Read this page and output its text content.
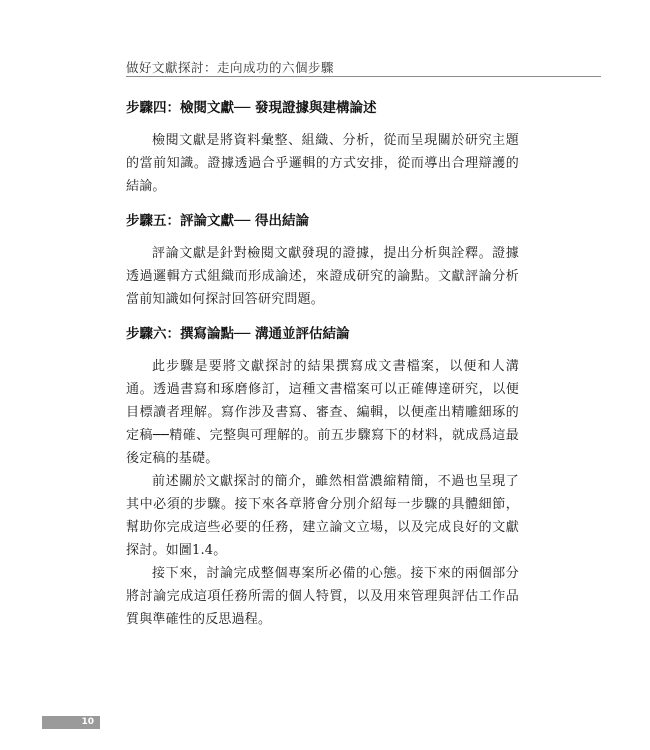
做好文獻探討：走向成功的六個步驟
步驟四：檢閱文獻── 發現證據與建構論述

檢閱文獻是將資料彙整、組織、分析，從而呈現關於研究主題的當前知識。證據透過合乎邏輯的方式安排，從而導出合理辯護的結論。

步驟五：評論文獻── 得出結論

評論文獻是針對檢閱文獻發現的證據，提出分析與詮釋。證據透過邏輯方式組織而形成論述，來證成研究的論點。文獻評論分析當前知識如何探討回答研究問題。

步驟六：撰寫論點── 溝通並評估結論

此步驟是要將文獻探討的結果撰寫成文書檔案，以便和人溝通。透過書寫和琢磨修訂，這種文書檔案可以正確傳達研究，以便目標讀者理解。寫作涉及書寫、審查、編輯，以便產出精雕細琢的定稿──精確、完整與可理解的。前五步驟寫下的材料，就成爲這最後定稿的基礎。

前述關於文獻探討的簡介，雖然相當濃縮精簡，不過也呈現了其中必須的步驟。接下來各章將會分別介紹每一步驟的具體細節，幫助你完成這些必要的任務，建立論文立場，以及完成良好的文獻探討。如圖1.4。

接下來，討論完成整個專案所必備的心態。接下來的兩個部分將討論完成這項任務所需的個人特質，以及用來管理與評估工作品質與準確性的反思過程。

10
